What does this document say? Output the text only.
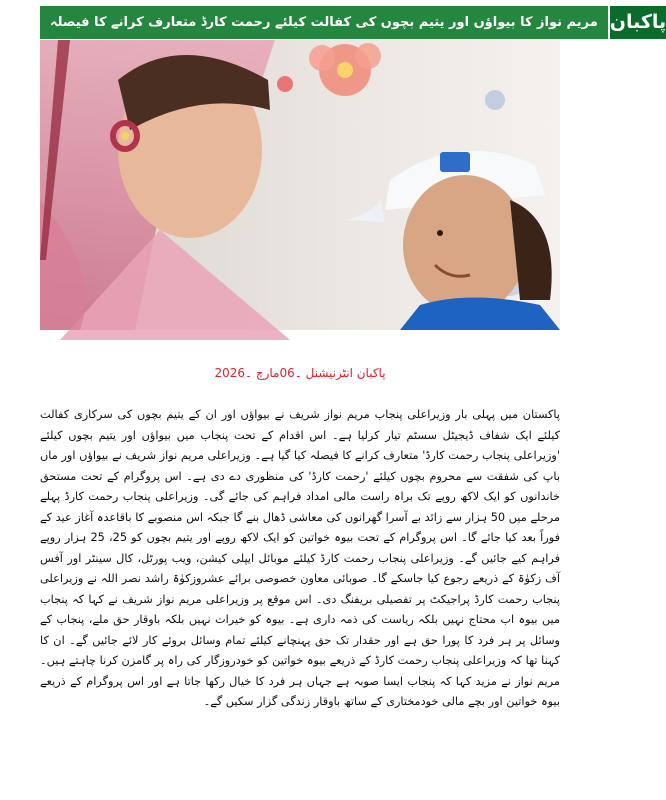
مریم نواز کا بیواؤں اور یتیم بچوں کی کفالت کیلئے رحمت کارڈ متعارف کرانے کا فیصلہ پاکبان
پاکبان انٹرنیشنل ۔06مارچ ۔2026

پاکستان میں پہلی بار وزیراعلی پنجاب مریم نواز شریف نے بیواؤں اور ان کے یتیم بچوں کی سرکاری کفالت کیلئے ایک شفاف ڈیجیٹل سسٹم تیار کرلیا ہے۔ اس اقدام کے تحت پنجاب میں بیواؤں اور یتیم بچوں کیلئے 'وزیراعلی پنجاب رحمت کارڈ' متعارف کرانے کا فیصلہ کیا گیا ہے۔ وزیراعلی مریم نواز شریف نے بیواؤں اور ماں باپ کی شفقت سے محروم بچوں کیلئے 'رحمت کارڈ' کی منظوری دے دی ہے۔ اس پروگرام کے تحت مستحق خاندانوں کو ایک لاکھ روپے تک براہ راست مالی امداد فراہم کی جائے گی۔ وزیراعلی پنجاب رحمت کارڈ پہلے مرحلے میں 50 ہزار سے زائد بے آسرا گھرانوں کی معاشی ڈھال بنے گا جبکہ اس منصوبے کا باقاعدہ آغاز عید کے فوراً بعد کیا جائے گا۔ اس پروگرام کے تحت بیوہ خواتین کو ایک لاکھ روپے اور یتیم بچوں کو 25، 25 ہزار روپے فراہم کیے جائیں گے۔ وزیراعلی پنجاب رحمت کارڈ کیلئے موبائل ایپلی کیشن، ویب پورٹل، کال سینٹر اور آفس آف زکوٰۃ کے ذریعے رجوع کیا جاسکے گا۔ صوبائی معاون خصوصی برائے عشروزکوٰۃ راشد نصر اللہ نے وزیراعلی پنجاب رحمت کارڈ پراجیکٹ پر تفصیلی بریفنگ دی۔ اس موقع پر وزیراعلی مریم نواز شریف نے کہا کہ پنجاب میں بیوہ اب محتاج نہیں بلکہ ریاست کی ذمہ داری ہے۔ بیوہ کو خیرات نہیں بلکہ باوقار حق ملے، پنجاب کے وسائل پر ہر فرد کا پورا حق ہے اور حقدار تک حق پہنچانے کیلئے تمام وسائل بروئے کار لائے جائیں گے۔ ان کا کہنا تھا کہ وزیراعلی پنجاب رحمت کارڈ کے ذریعے بیوہ خواتین کو خودروزگار کی راہ پر گامزن کرنا چاہتے ہیں۔ مریم نواز نے مزید کہا کہ پنجاب ایسا صوبہ ہے جہاں ہر فرد کا خیال رکھا جاتا ہے اور اس پروگرام کے ذریعے بیوہ خواتین اور بچے مالی خودمختاری کے ساتھ باوقار زندگی گزار سکیں گے۔
